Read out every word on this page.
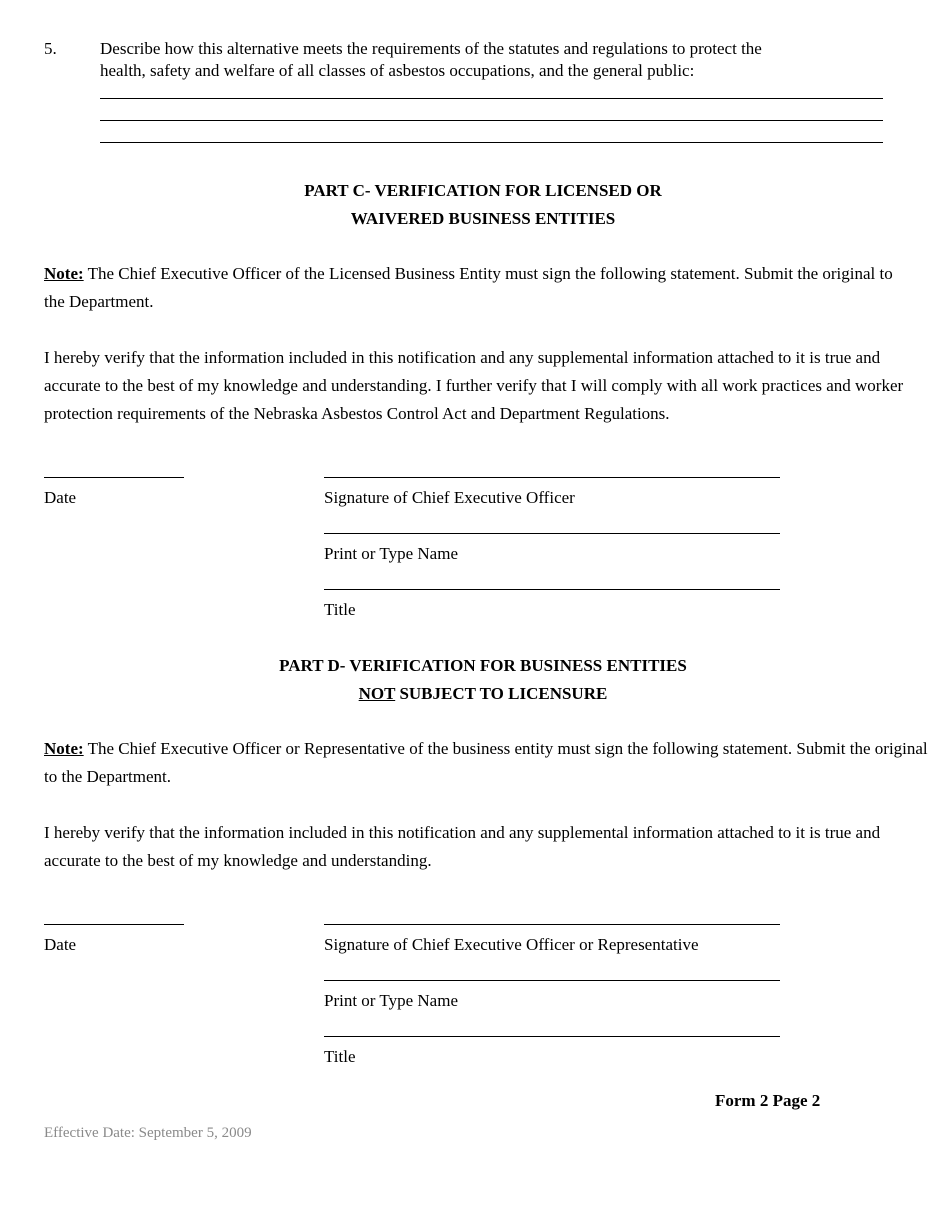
5.	Describe how this alternative meets the requirements of the statutes and regulations to protect the
health, safety and welfare of all classes of asbestos occupations, and the general public:
PART C- VERIFICATION FOR LICENSED OR
WAIVERED BUSINESS ENTITIES
Note: The Chief Executive Officer of the Licensed Business Entity must sign the following statement. Submit the original to the Department.
I hereby verify that the information included in this notification and any supplemental information attached to it is true and accurate to the best of my knowledge and understanding. I further verify that I will comply with all work practices and worker protection requirements of the Nebraska Asbestos Control Act and Department Regulations.
Date	Signature of Chief Executive Officer
Print or Type Name
Title
PART D- VERIFICATION FOR BUSINESS ENTITIES
NOT SUBJECT TO LICENSURE
Note: The Chief Executive Officer or Representative of the business entity must sign the following statement. Submit the original to the Department.
I hereby verify that the information included in this notification and any supplemental information attached to it is true and accurate to the best of my knowledge and understanding.
Date	Signature of Chief Executive Officer or Representative
Print or Type Name
Title
Form 2 Page 2
Effective Date: September 5, 2009
